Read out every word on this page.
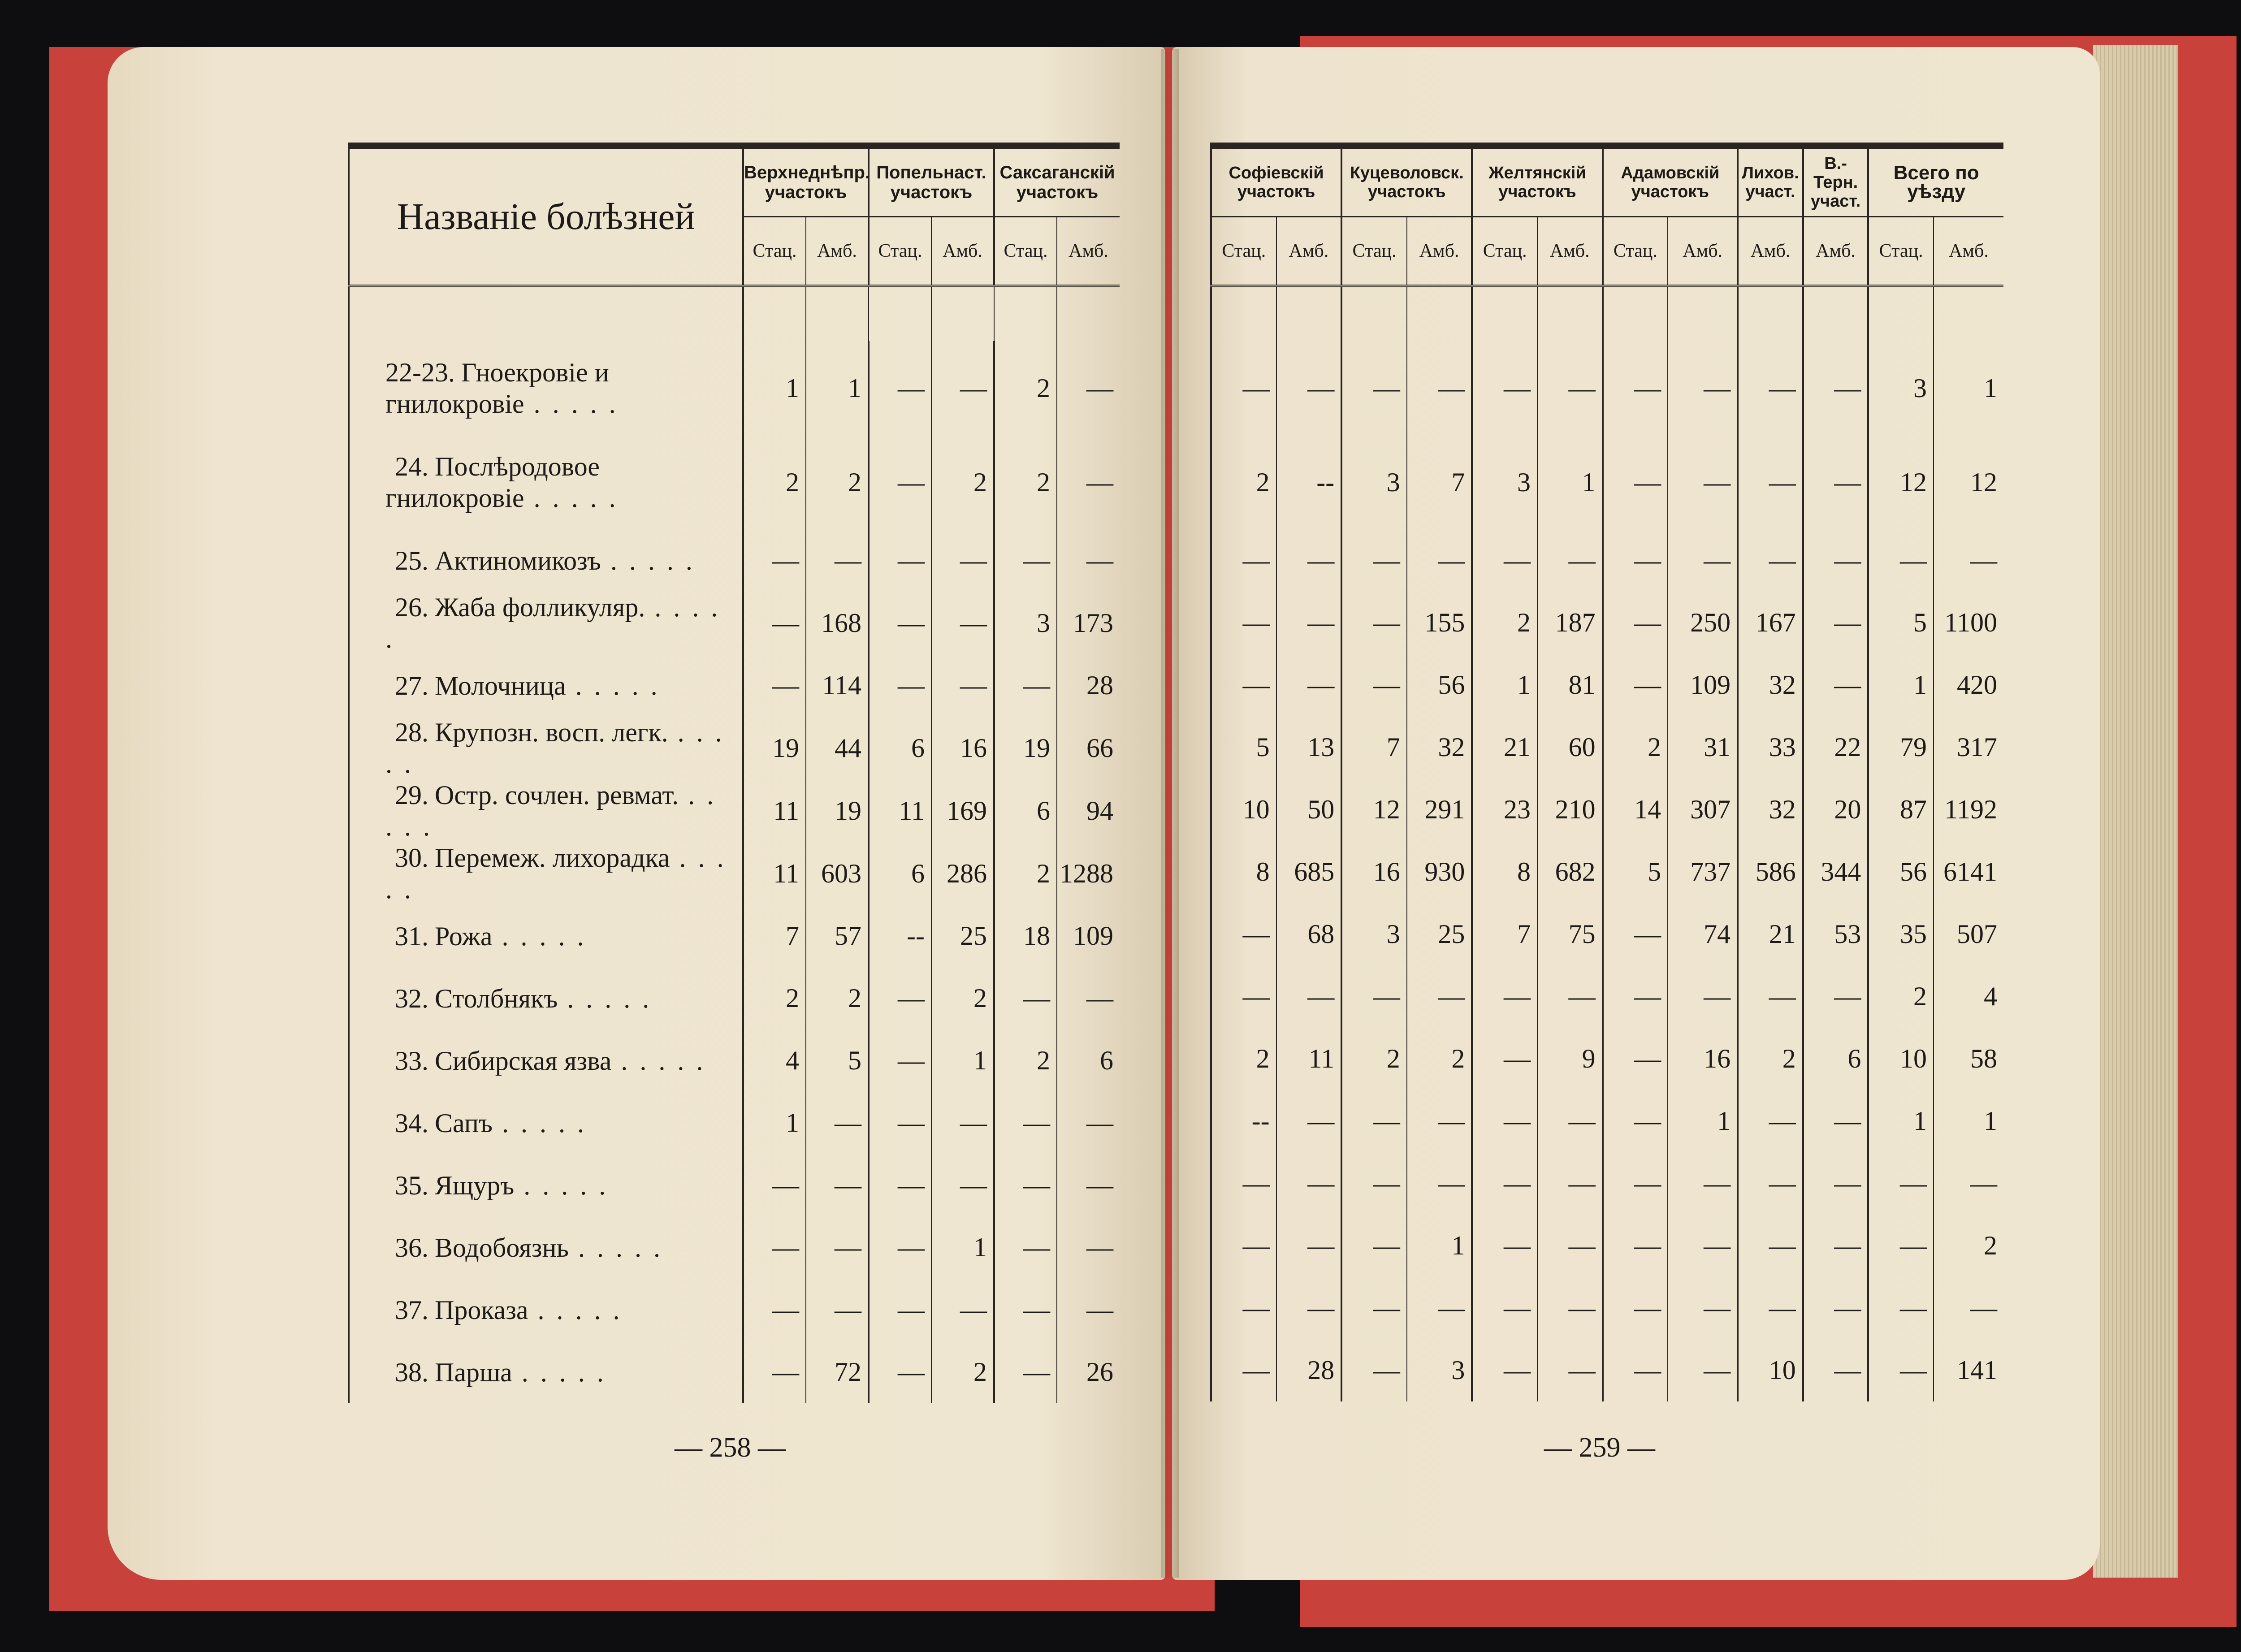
Названіе болѣзней	Верхнеднѣпр. участокъ		Попельнаст. участокъ		Саксаганскій участокъ	
	Стац.	Амб.	Стац.	Амб.	Стац.	Амб.

22-23. Гноекровіе и гнилокровіе . . . . .	1	1	—	—	2	—
24. Послѣродовое гнилокровіе . . . . .	2	2	—	2	2	—
25. Актиномикозъ . . . . .	—	—	—	—	—	—
26. Жаба фолликуляр. . . . . .	—	168	—	—	3	173
27. Молочница . . . . .	—	114	—	—	—	28
28. Крупозн. восп. легк. . . . . .	19	44	6	16	19	66
29. Остр. сочлен. ревмат. . . . . .	11	19	11	169	6	94
30. Перемеж. лихорадка . . . . .	11	603	6	286	2	1288
31. Рожа . . . . .	7	57	--	25	18	109
32. Столбнякъ . . . . .	2	2	—	2	—	—
33. Сибирская язва . . . . .	4	5	—	1	2	6
34. Сапъ . . . . .	1	—	—	—	—	—
35. Ящуръ . . . . .	—	—	—	—	—	—
36. Водобоязнь . . . . .	—	—	—	1	—	—
37. Проказа . . . . .	—	—	—	—	—	—
38. Парша . . . . .	—	72	—	2	—	26
Софіевскій участокъ		Куцеволовск. участокъ		Желтянскій участокъ		Адамовскій участокъ		Лихов. участ.	В.-Терн. участ.	Всего по уѣзду	
Стац.	Амб.	Стац.	Амб.	Стац.	Амб.	Стац.	Амб.	Амб.	Амб.	Стац.	Амб.

—	—	—	—	—	—	—	—	—	—	3	1
2	--	3	7	3	1	—	—	—	—	12	12
—	—	—	—	—	—	—	—	—	—	—	—
—	—	—	155	2	187	—	250	167	—	5	1100
—	—	—	56	1	81	—	109	32	—	1	420
5	13	7	32	21	60	2	31	33	22	79	317
10	50	12	291	23	210	14	307	32	20	87	1192
8	685	16	930	8	682	5	737	586	344	56	6141
—	68	3	25	7	75	—	74	21	53	35	507
—	—	—	—	—	—	—	—	—	—	2	4
2	11	2	2	—	9	—	16	2	6	10	58
--	—	—	—	—	—	—	1	—	—	1	1
—	—	—	—	—	—	—	—	—	—	—	—
—	—	—	1	—	—	—	—	—	—	—	2
—	—	—	—	—	—	—	—	—	—	—	—
—	28	—	3	—	—	—	—	10	—	—	141
— 258 —	— 259 —
